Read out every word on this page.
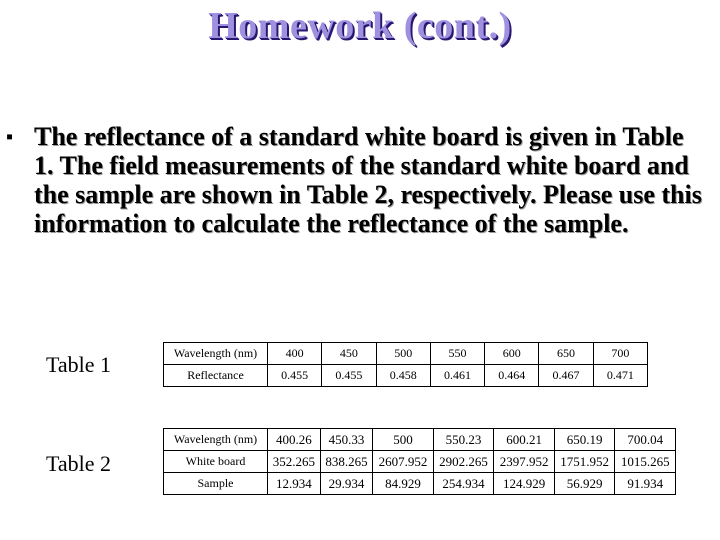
Homework (cont.)
▪ The reflectance of a standard white board is given in Table 1. The field measurements of the standard white board and the sample are shown in Table 2, respectively. Please use this information to calculate the reflectance of the sample.
Table 1	Wavelength (nm)	400	450	500	550	600	650	700
Reflectance	0.455	0.455	0.458	0.461	0.464	0.467	0.471
Table 2
Wavelength (nm)	400.26	450.33	500	550.23	600.21	650.19	700.04
White board	352.265	838.265	2607.952	2902.265	2397.952	1751.952	1015.265
Sample	12.934	29.934	84.929	254.934	124.929	56.929	91.934
